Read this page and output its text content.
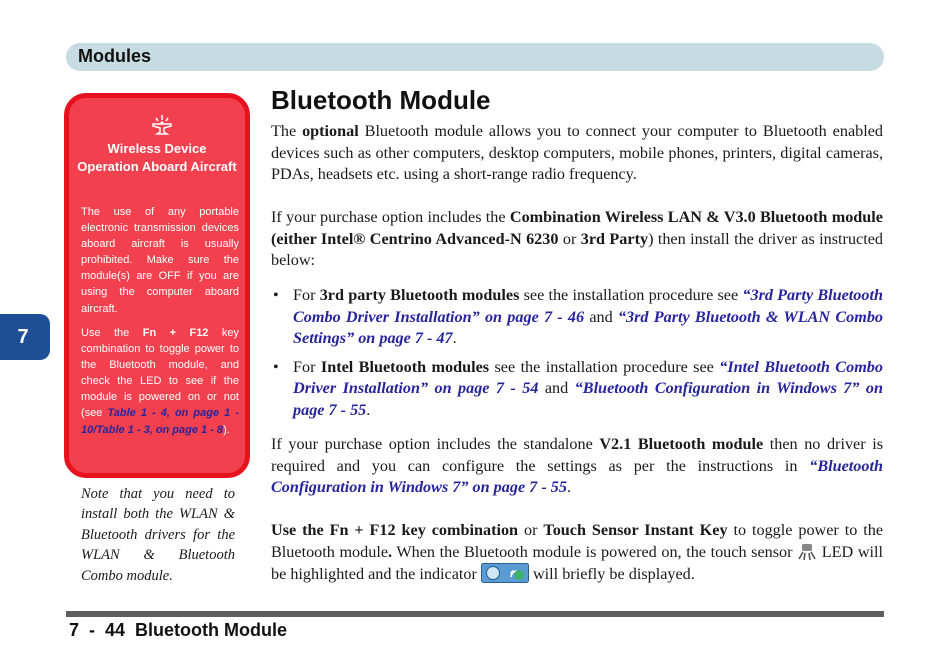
Modules
7
Wireless Device Operation Aboard Aircraft
The use of any portable electronic transmission devices aboard aircraft is usually prohibited. Make sure the module(s) are OFF if you are using the computer aboard aircraft.
Use the Fn + F12 key combination to toggle power to the Bluetooth module, and check the LED to see if the module is powered on or not (see Table 1 - 4, on page 1 - 10/Table 1 - 3, on page 1 - 8).
Note that you need to install both the WLAN & Bluetooth drivers for the WLAN & Bluetooth Combo module.
Bluetooth Module

The optional Bluetooth module allows you to connect your computer to Bluetooth enabled devices such as other computers, desktop computers, mobile phones, printers, digital cameras, PDAs, headsets etc. using a short-range radio frequency.

If your purchase option includes the Combination Wireless LAN & V3.0 Bluetooth module (either Intel® Centrino Advanced-N 6230 or 3rd Party) then install the driver as instructed below:

• For 3rd party Bluetooth modules see the installation procedure see “3rd Party Bluetooth Combo Driver Installation” on page 7 - 46 and “3rd Party Bluetooth & WLAN Combo Settings” on page 7 - 47.
• For Intel Bluetooth modules see the installation procedure see “Intel Bluetooth Combo Driver Installation” on page 7 - 54 and “Bluetooth Configuration in Windows 7” on page 7 - 55.

If your purchase option includes the standalone V2.1 Bluetooth module then no driver is required and you can configure the settings as per the instructions in “Bluetooth Configuration in Windows 7” on page 7 - 55.

Use the Fn + F12 key combination or Touch Sensor Instant Key to toggle power to the Bluetooth module. When the Bluetooth module is powered on, the touch sensor  LED will be highlighted and the indicator	will briefly be displayed.

7  -  44  Bluetooth Module
